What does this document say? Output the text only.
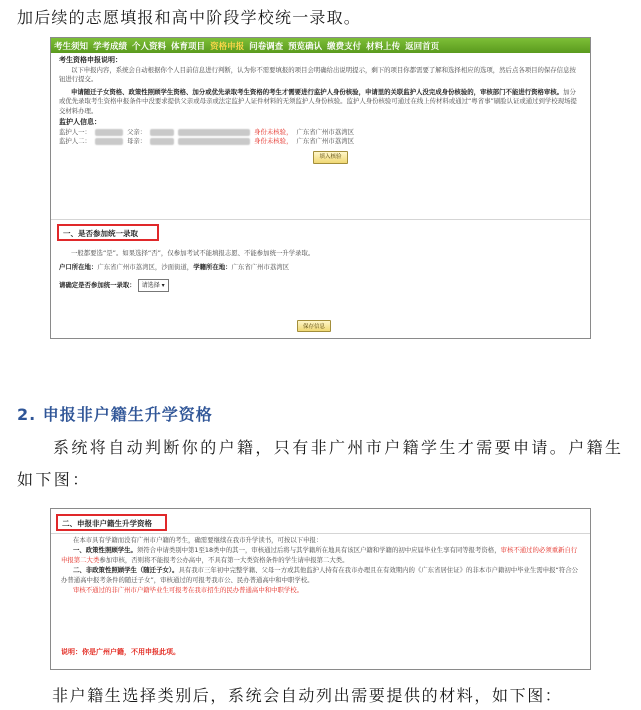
加后续的志愿填报和高中阶段学校统一录取。
考生须知 学考成绩 个人资料 体育项目 资格申报 问卷调查 预览确认 缴费支付 材料上传 返回首页
考生资格申报说明：
以下申报内容，系统会自动根据你个人目前信息进行判断，认为你不需要填报的项目会明确给出说明提示，剩下的项目你都需要了解和选择相应的选项，然后点各项目的保存信息按钮进行提交。
申请随迁子女资格、政策性照顾学生资格、加分或优先录取考生资格的考生才需要进行监护人身份核验，申请里的关联监护人没完成身份核验的，审核部门不能进行资格审核。加分或优先录取考生资格申报条件中没要求提供父亲或母亲或法定监护人证件材料的无须监护人身份核验。监护人身份核验可通过在线上传材料或通过“粤省事”刷脸认证或通过到学校现场提交材料办理。
监护人信息：
监护人一：	父亲：	身份未核验， 广东省广州市荔湾区
监护人二：	母亲：	身份未核验， 广东省广州市荔湾区
填入核验
一、是否参加统一录取
一般都要选“是”。如果选择“否”，仅参加考试不能填报志愿、不能参加统一升学录取。
户口所在地：广东省广州市荔湾区，沙面街道，学籍所在地：广东省广州市荔湾区
请确定是否参加统一录取： 请选择 ▾
保存信息
2. 申报非户籍生升学资格
系统将自动判断你的户籍，只有非广州市户籍学生才需要申请。户籍生如下图：
二、申报非户籍生升学资格

在本市具有学籍而没有广州市户籍的考生，确需要继续在我市升学读书，可按以下申报：

一、政策性照顾学生。须符合申请类别中第1至18类中的其一，审核通过后将与其学籍所在地具有该区户籍和学籍的初中应届毕业生享有同等报考资格，审核不通过的必须重新自行申报第二大类参加审核，否则将不能报考公办高中，不具有第一大类资格条件的学生请申报第二大类。

二、非政策性照顾学生（随迁子女）。具有我市三年初中完整学籍、父母一方或其他监护人持有在我市办理且在有效期内的《广东省居住证》的非本市户籍初中毕业生需申报“符合公办普通高中报考条件的随迁子女”，审核通过的可报考我市公、民办普通高中和中职学校。

审核不通过的非广州市户籍毕业生可报考在我市招生的民办普通高中和中职学校。

说明：你是广州户籍，不用申报此项。
非户籍生选择类别后，系统会自动列出需要提供的材料，如下图：
